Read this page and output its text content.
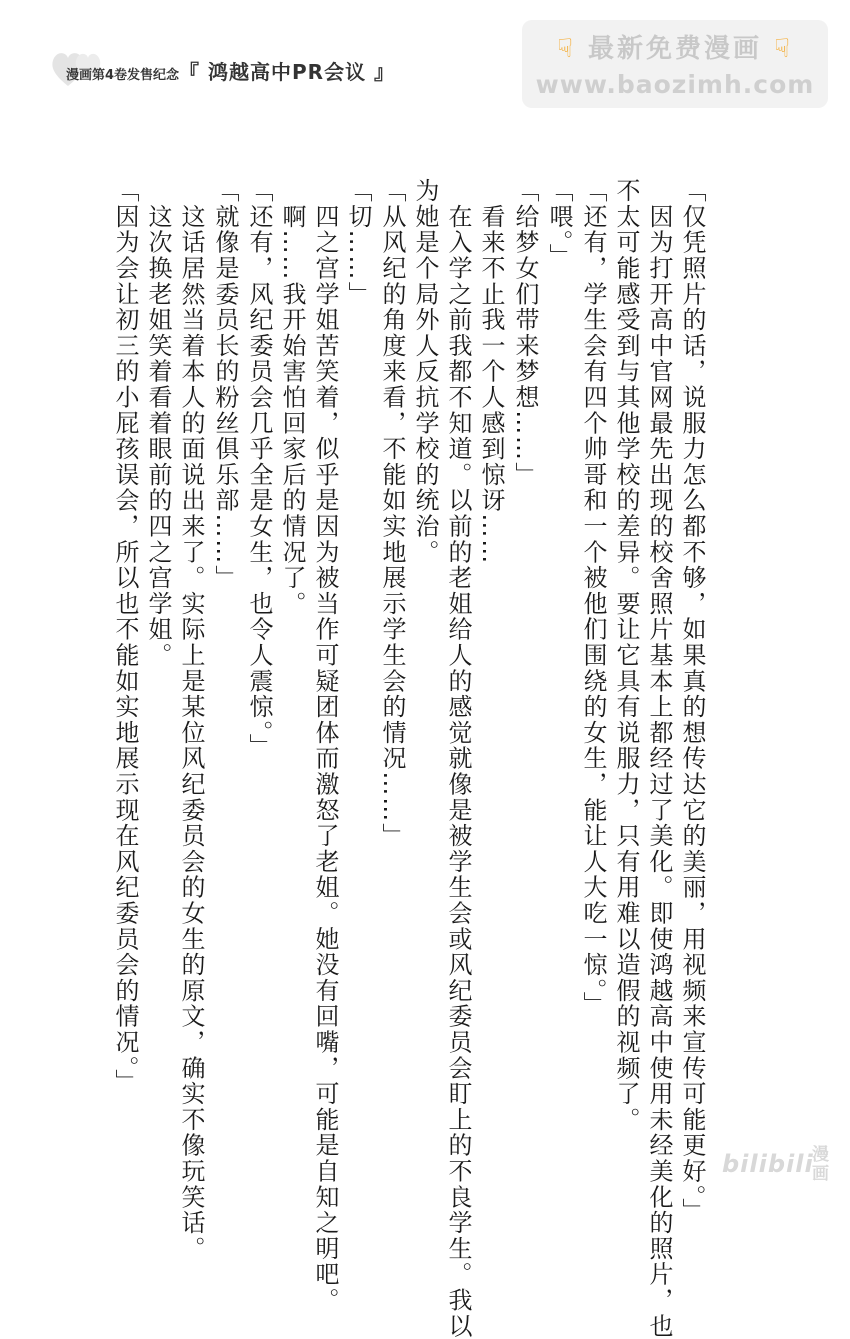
漫画第4卷发售纪念『 鸿越高中PR会议 』
☟ 最新免费漫画 ☟
www.baozimh.com
「仅凭照片的话，说服力怎么都不够，如果真的想传达它的美丽，用视频来宣传可能更好。」
　因为打开高中官网最先出现的校舍照片基本上都经过了美化。即使鸿越高中使用未经美化的照片，也
不太可能感受到与其他学校的差异。要让它具有说服力，只有用难以造假的视频了。
「还有，学生会有四个帅哥和一个被他们围绕的女生，能让人大吃一惊。」
「喂。」
「给梦女们带来梦想……」
　看来不止我一个人感到惊讶……
　在入学之前我都不知道。以前的老姐给人的感觉就像是被学生会或风纪委员会盯上的不良学生。我以
为她是个局外人反抗学校的统治。
「从风纪的角度来看，不能如实地展示学生会的情况……」
「切……」
　四之宫学姐苦笑着，似乎是因为被当作可疑团体而激怒了老姐。她没有回嘴，可能是自知之明吧。
　啊……我开始害怕回家后的情况了。
「还有，风纪委员会几乎全是女生，也令人震惊。」
「就像是委员长的粉丝俱乐部……」
　这话居然当着本人的面说出来了。实际上是某位风纪委员会的女生的原文，确实不像玩笑话。
　这次换老姐笑着看着眼前的四之宫学姐。
「因为会让初三的小屁孩误会，所以也不能如实地展示现在风纪委员会的情况。」
bilibili
漫画
